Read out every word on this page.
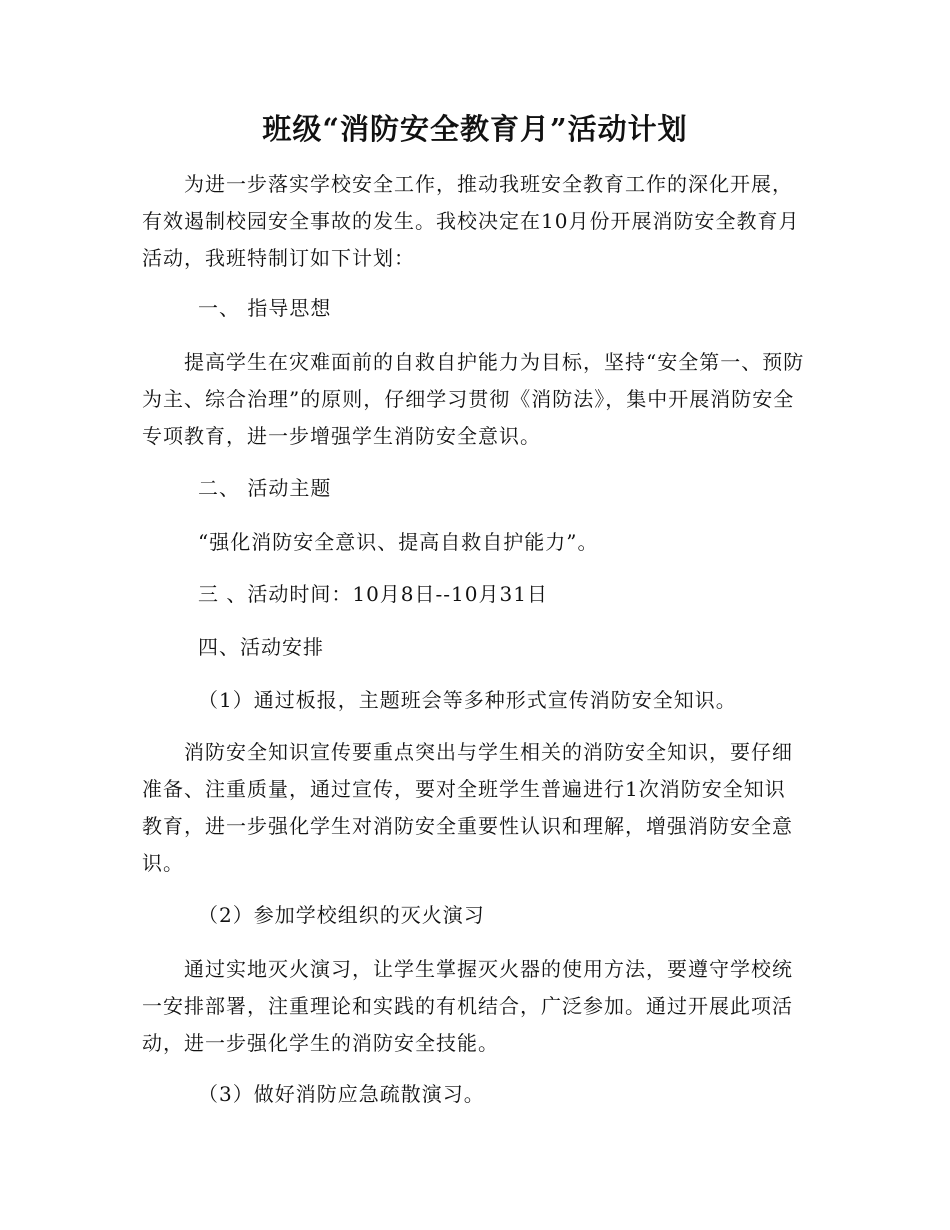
班级“消防安全教育月”活动计划
为进一步落实学校安全工作，推动我班安全教育工作的深化开展，有效遏制校园安全事故的发生。我校决定在10月份开展消防安全教育月活动，我班特制订如下计划：
一、 指导思想
提高学生在灾难面前的自救自护能力为目标，坚持“安全第一、预防为主、综合治理”的原则，仔细学习贯彻《消防法》，集中开展消防安全专项教育，进一步增强学生消防安全意识。
二、 活动主题
“强化消防安全意识、提高自救自护能力”。
三 、活动时间：10月8日--10月31日
四、活动安排
（1）通过板报，主题班会等多种形式宣传消防安全知识。
消防安全知识宣传要重点突出与学生相关的消防安全知识，要仔细准备、注重质量，通过宣传，要对全班学生普遍进行1次消防安全知识教育，进一步强化学生对消防安全重要性认识和理解，增强消防安全意识。
（2）参加学校组织的灭火演习
通过实地灭火演习，让学生掌握灭火器的使用方法，要遵守学校统一安排部署，注重理论和实践的有机结合，广泛参加。通过开展此项活动，进一步强化学生的消防安全技能。
（3）做好消防应急疏散演习。
